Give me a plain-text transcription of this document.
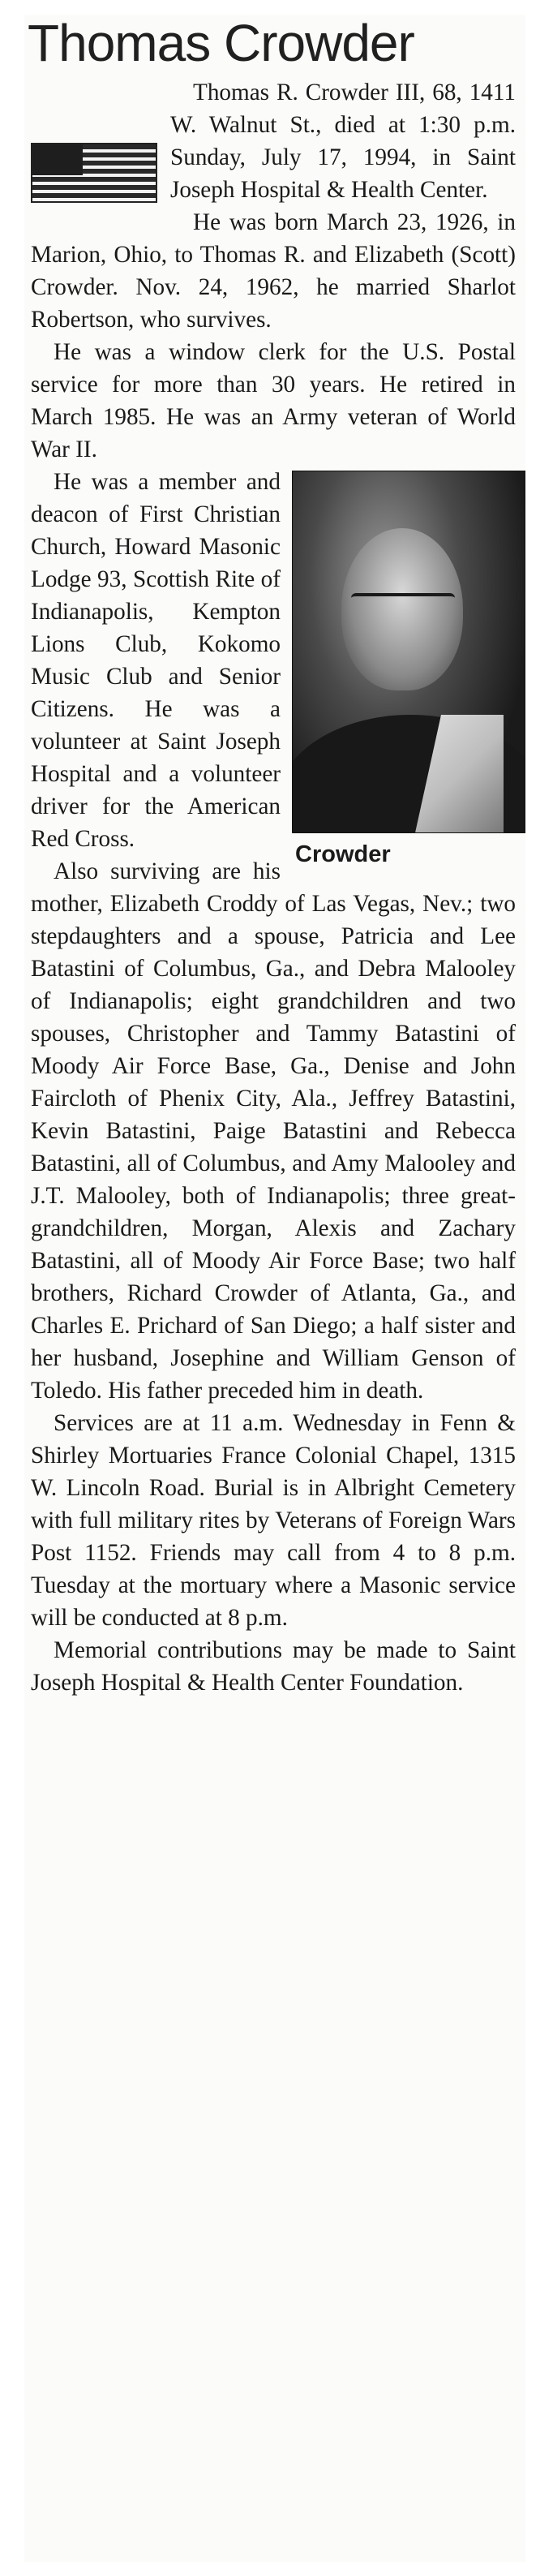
Thomas Crowder

Thomas R. Crowder III, 68, 1411 W. Walnut St., died at 1:30 p.m. Sunday, July 17, 1994, in Saint Joseph Hospital & Health Center.

He was born March 23, 1926, in Marion, Ohio, to Thomas R. and Elizabeth (Scott) Crowder. Nov. 24, 1962, he married Sharlot Robertson, who survives.

He was a window clerk for the U.S. Postal service for more than 30 years. He retired in March 1985. He was an Army veteran of World War II.

Crowder

He was a member and deacon of First Christian Church, Howard Masonic Lodge 93, Scottish Rite of Indianapolis, Kempton Lions Club, Kokomo Music Club and Senior Citizens. He was a volunteer at Saint Joseph Hospital and a volunteer driver for the American Red Cross.

Also surviving are his mother, Elizabeth Croddy of Las Vegas, Nev.; two stepdaughters and a spouse, Patricia and Lee Batastini of Columbus, Ga., and Debra Malooley of Indianapolis; eight grandchildren and two spouses, Christopher and Tammy Batastini of Moody Air Force Base, Ga., Denise and John Faircloth of Phenix City, Ala., Jeffrey Batastini, Kevin Batastini, Paige Batastini and Rebecca Batastini, all of Columbus, and Amy Malooley and J.T. Malooley, both of Indianapolis; three great-grandchildren, Morgan, Alexis and Zachary Batastini, all of Moody Air Force Base; two half brothers, Richard Crowder of Atlanta, Ga., and Charles E. Prichard of San Diego; a half sister and her husband, Josephine and William Genson of Toledo. His father preceded him in death.

Services are at 11 a.m. Wednesday in Fenn & Shirley Mortuaries France Colonial Chapel, 1315 W. Lincoln Road. Burial is in Albright Cemetery with full military rites by Veterans of Foreign Wars Post 1152. Friends may call from 4 to 8 p.m. Tuesday at the mortuary where a Masonic service will be conducted at 8 p.m.

Memorial contributions may be made to Saint Joseph Hospital & Health Center Foundation.
